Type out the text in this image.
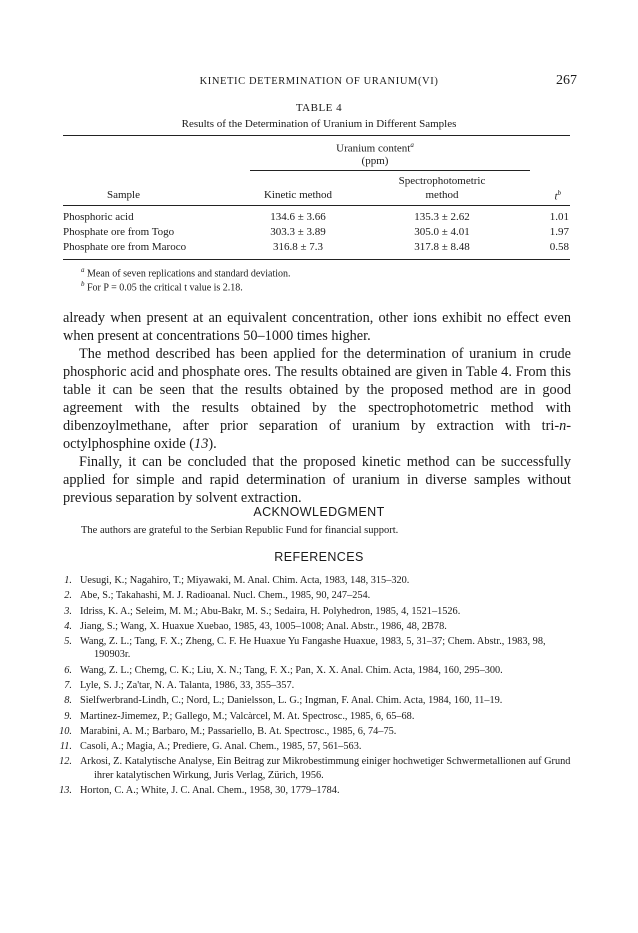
KINETIC DETERMINATION OF URANIUM(VI)	267
TABLE 4
Results of the Determination of Uranium in Different Samples
Uranium content$^a$
(ppm)
Spectrophotometric
Sample	Kinetic method	method	$t^b$
Phosphoric acid	134.6 ± 3.66	135.3 ± 2.62	1.01
Phosphate ore from Togo	303.3 ± 3.89	305.0 ± 4.01	1.97
Phosphate ore from Maroco	316.8 ± 7.3	317.8 ± 8.48	0.58
$^a$ Mean of seven replications and standard deviation.
$^b$ For P = 0.05 the critical t value is 2.18.

already when present at an equivalent concentration, other ions exhibit no effect even when present at concentrations 50–1000 times higher.

The method described has been applied for the determination of uranium in crude phosphoric acid and phosphate ores. The results obtained are given in Table 4. From this table it can be seen that the results obtained by the proposed method are in good agreement with the results obtained by the spectrophotometric method with dibenzoylmethane, after prior separation of uranium by extraction with tri-n-octylphosphine oxide (13).

Finally, it can be concluded that the proposed kinetic method can be successfully applied for simple and rapid determination of uranium in diverse samples without previous separation by solvent extraction.

ACKNOWLEDGMENT
The authors are grateful to the Serbian Republic Fund for financial support.
REFERENCES
1. Uesugi, K.; Nagahiro, T.; Miyawaki, M. Anal. Chim. Acta, 1983, 148, 315–320.
2. Abe, S.; Takahashi, M. J. Radioanal. Nucl. Chem., 1985, 90, 247–254.
3. Idriss, K. A.; Seleim, M. M.; Abu-Bakr, M. S.; Sedaira, H. Polyhedron, 1985, 4, 1521–1526.
4. Jiang, S.; Wang, X. Huaxue Xuebao, 1985, 43, 1005–1008; Anal. Abstr., 1986, 48, 2B78.
5. Wang, Z. L.; Tang, F. X.; Zheng, C. F. He Huaxue Yu Fangashe Huaxue, 1983, 5, 31–37; Chem. Abstr., 1983, 98, 190903r.
6. Wang, Z. L.; Chemg, C. K.; Liu, X. N.; Tang, F. X.; Pan, X. X. Anal. Chim. Acta, 1984, 160, 295–300.
7. Lyle, S. J.; Za'tar, N. A. Talanta, 1986, 33, 355–357.
8. Sielfwerbrand-Lindh, C.; Nord, L.; Danielsson, L. G.; Ingman, F. Anal. Chim. Acta, 1984, 160, 11–19.
9. Martinez-Jimemez, P.; Gallego, M.; Valcàrcel, M. At. Spectrosc., 1985, 6, 65–68.
10. Marabini, A. M.; Barbaro, M.; Passariello, B. At. Spectrosc., 1985, 6, 74–75.
11. Casoli, A.; Magia, A.; Prediere, G. Anal. Chem., 1985, 57, 561–563.
12. Arkosi, Z. Katalytische Analyse, Ein Beitrag zur Mikrobestimmung einiger hochwetiger Schwermetallionen auf Grund ihrer katalytischen Wirkung, Juris Verlag, Zürich, 1956.
13. Horton, C. A.; White, J. C. Anal. Chem., 1958, 30, 1779–1784.
